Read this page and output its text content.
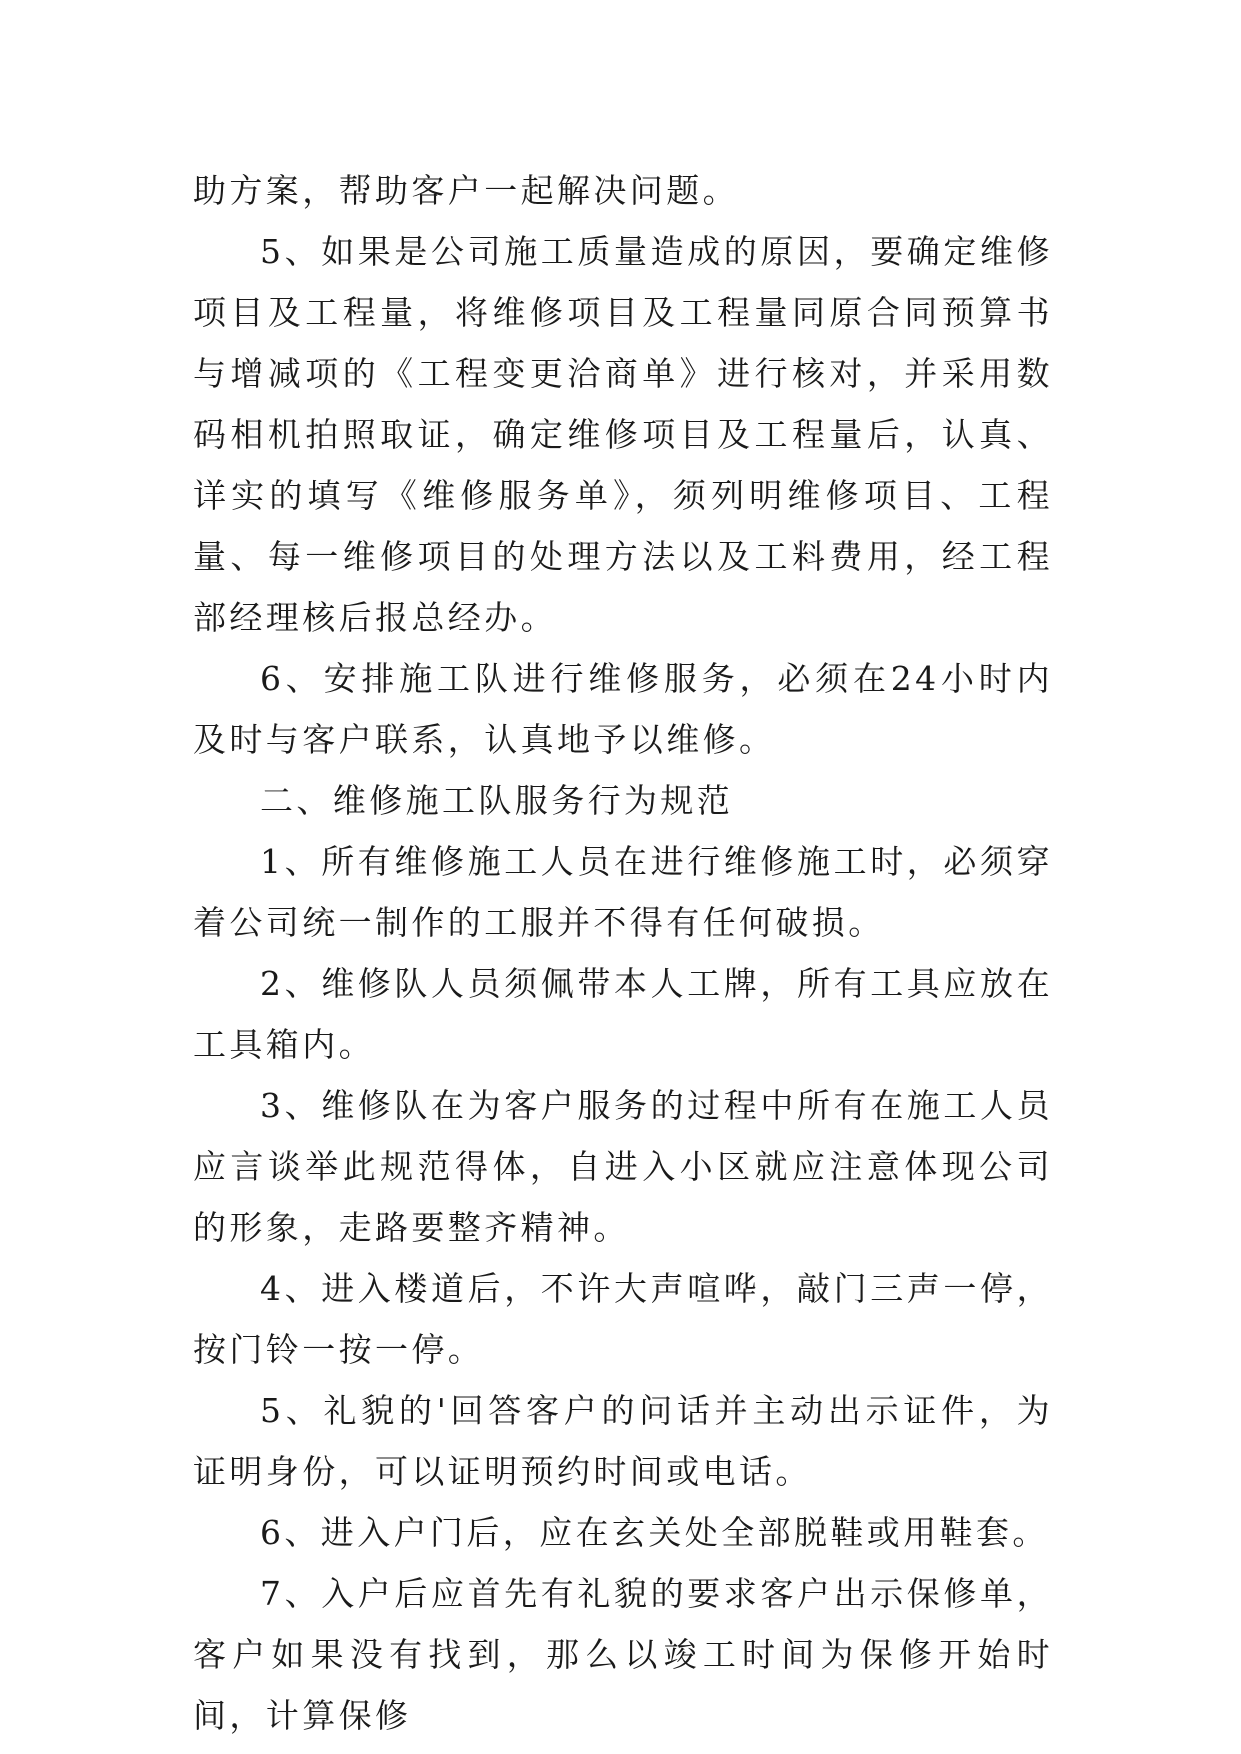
助方案，帮助客户一起解决问题。

5、如果是公司施工质量造成的原因，要确定维修项目及工程量，将维修项目及工程量同原合同预算书与增减项的《工程变更洽商单》进行核对，并采用数码相机拍照取证，确定维修项目及工程量后，认真、详实的填写《维修服务单》，须列明维修项目、工程量、每一维修项目的处理方法以及工料费用，经工程部经理核后报总经办。

6、安排施工队进行维修服务，必须在24小时内及时与客户联系，认真地予以维修。

二、维修施工队服务行为规范

1、所有维修施工人员在进行维修施工时，必须穿着公司统一制作的工服并不得有任何破损。

2、维修队人员须佩带本人工牌，所有工具应放在工具箱内。

3、维修队在为客户服务的过程中所有在施工人员应言谈举此规范得体，自进入小区就应注意体现公司的形象，走路要整齐精神。

4、进入楼道后，不许大声喧哗，敲门三声一停，按门铃一按一停。

5、礼貌的'回答客户的问话并主动出示证件，为证明身份，可以证明预约时间或电话。

6、进入户门后，应在玄关处全部脱鞋或用鞋套。

7、入户后应首先有礼貌的要求客户出示保修单，客户如果没有找到，那么以竣工时间为保修开始时间，计算保修
